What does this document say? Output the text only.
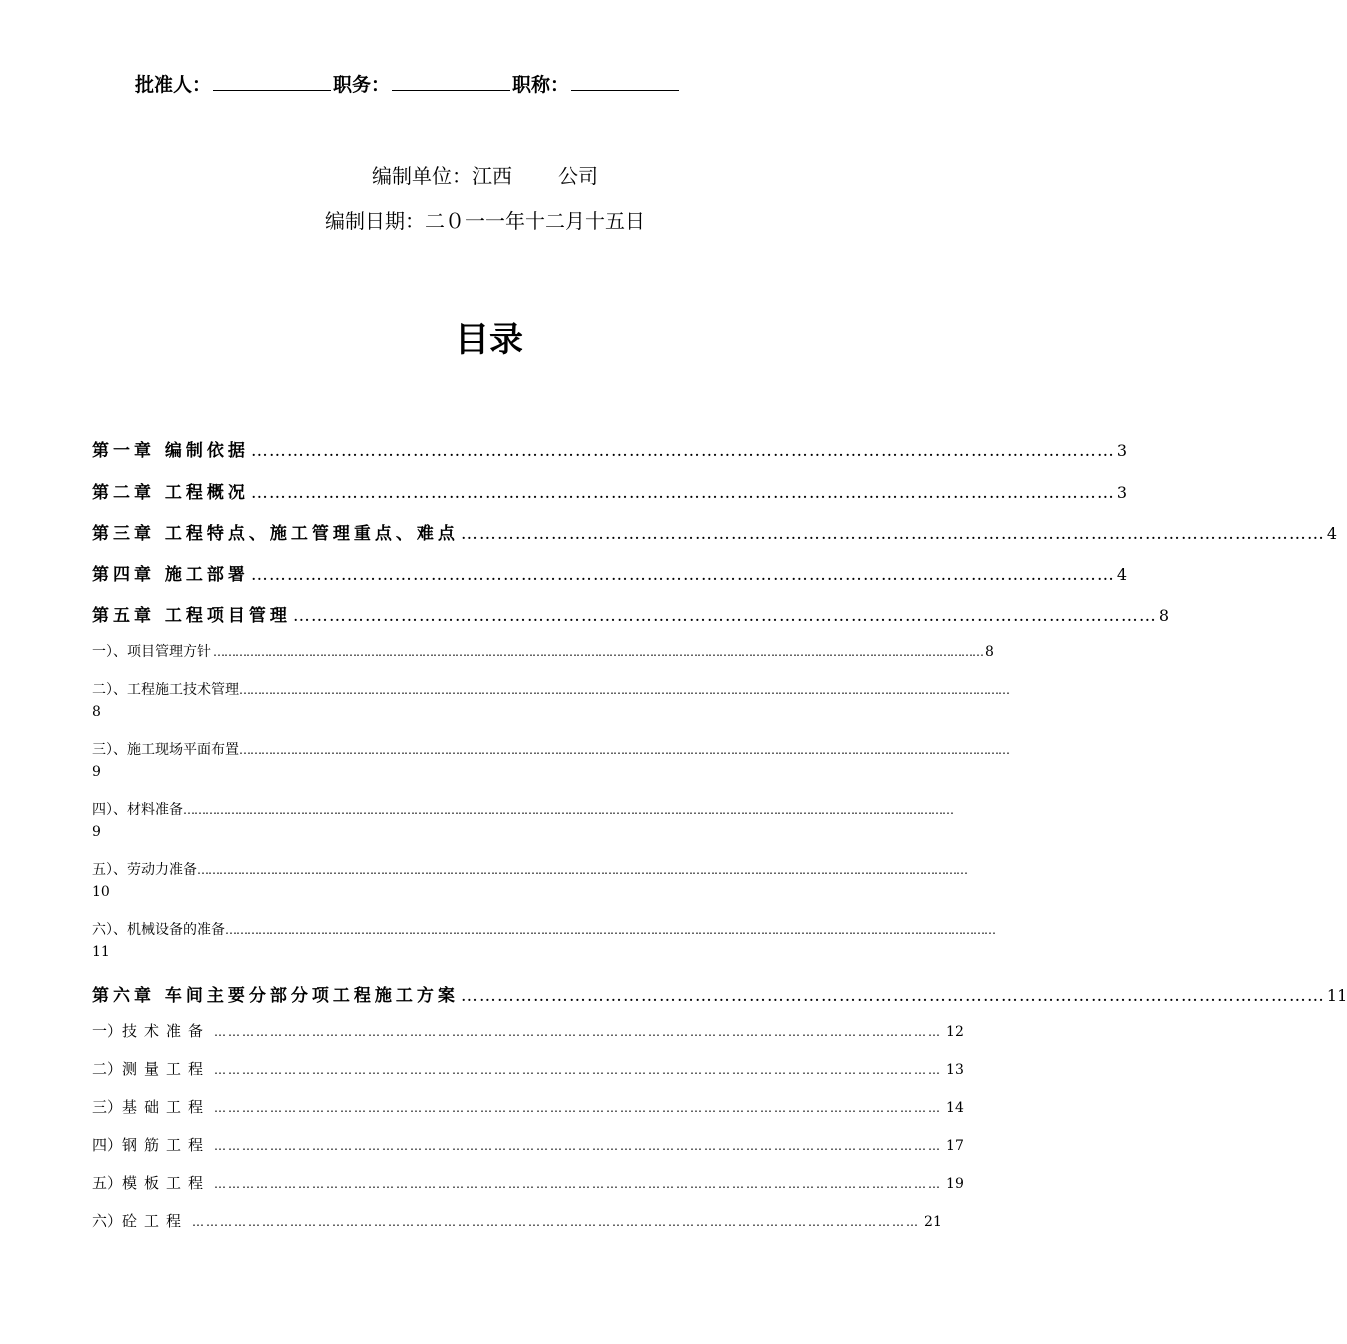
批准人：	职务：	职称：
编制单位：江西 公司
编制日期：二０一一年十二月十五日
目录
第一章 编制依据 ……………………………………………………………………………………………………………………………… 3
第二章 工程概况 ……………………………………………………………………………………………………………………………… 3
第三章 工程特点、施工管理重点、难点 ……………………………………………………………………………………………………………………………… 4
第四章 施工部署 ……………………………………………………………………………………………………………………………… 4
第五章 工程项目管理 ……………………………………………………………………………………………………………………………… 8
一）、项目管理方针 ………………………………………………………………………………………………………………………………………………………………………………………… 8
二）、工程施工技术管理 …………………………………………………………………………………………………………………………………………………………………………………………
8
三）、施工现场平面布置 …………………………………………………………………………………………………………………………………………………………………………………………
9
四）、材料准备 …………………………………………………………………………………………………………………………………………………………………………………………
9
五）、劳动力准备 …………………………………………………………………………………………………………………………………………………………………………………………
10
六）、机械设备的准备 …………………………………………………………………………………………………………………………………………………………………………………………
11
第六章 车间主要分部分项工程施工方案 ……………………………………………………………………………………………………………………………… 11
一） 技术准备 ………………………………………………………………………………………………………………………………………… 12
二） 测量工程 ………………………………………………………………………………………………………………………………………… 13
三） 基础工程 ………………………………………………………………………………………………………………………………………… 14
四） 钢筋工程 ………………………………………………………………………………………………………………………………………… 17
五） 模板工程 ………………………………………………………………………………………………………………………………………… 19
六） 砼工程 ………………………………………………………………………………………………………………………………………… 21
